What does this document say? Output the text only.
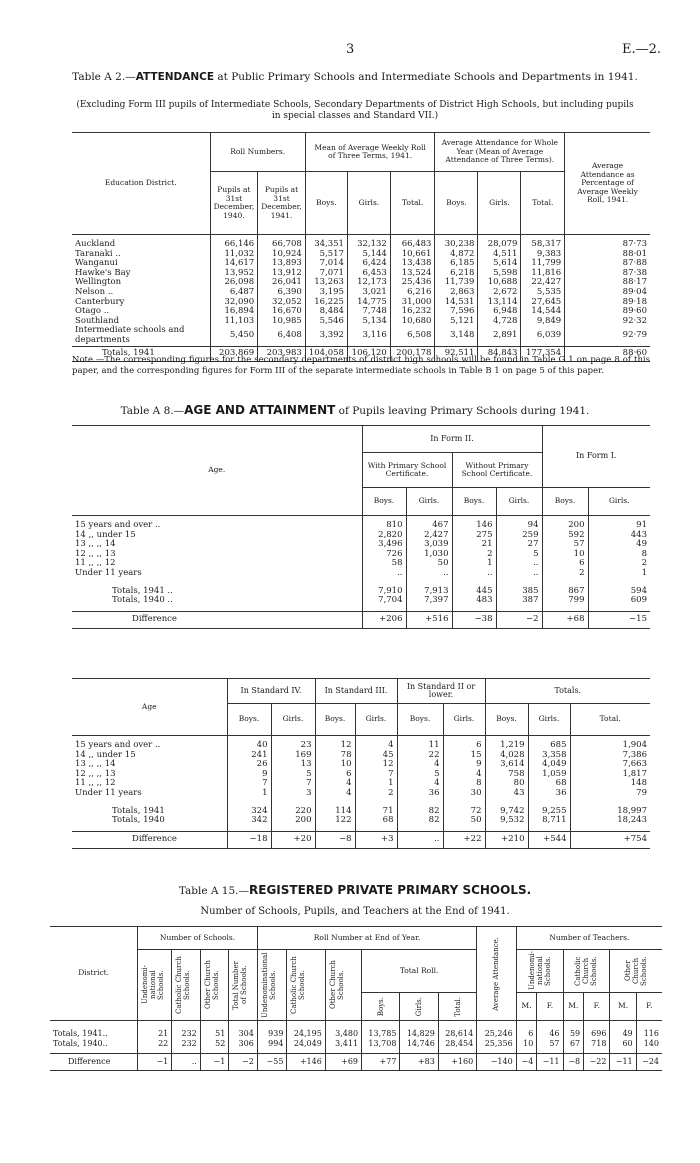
3	E.—2.
Table A 2.—ATTENDANCE at Public Primary Schools and Intermediate Schools and Departments in 1941.
(Excluding Form III pupils of Intermediate Schools, Secondary Departments of District High Schools, but including pupils in special classes and Standard VII.)
Education District.	Roll Numbers.		Mean of Average Weekly Roll of Three Terms, 1941.			Average Attendance for Whole Year (Mean of Average Attendance of Three Terms).			Average Attendance as Percentage of Average Weekly Roll, 1941.
	Pupils at 31st December, 1940.	Pupils at 31st December, 1941.	Boys.	Girls.	Total.	Boys.	Girls.	Total.	

Auckland	66,146	66,708	34,351	32,132	66,483	30,238	28,079	58,317	87·73
Taranaki ..	11,032	10,924	5,517	5,144	10,661	4,872	4,511	9,383	88·01
Wanganui	14,617	13,893	7,014	6,424	13,438	6,185	5,614	11,799	87·88
Hawke's Bay	13,952	13,912	7,071	6,453	13,524	6,218	5,598	11,816	87·38
Wellington	26,098	26,041	13,263	12,173	25,436	11,739	10,688	22,427	88·17
Nelson ..	6,487	6,390	3,195	3,021	6,216	2,863	2,672	5,535	89·04
Canterbury	32,090	32,052	16,225	14,775	31,000	14,531	13,114	27,645	89·18
Otago ..	16,894	16,670	8,484	7,748	16,232	7,596	6,948	14,544	89·60
Southland	11,103	10,985	5,546	5,134	10,680	5,121	4,728	9,849	92·32
Intermediate schools and departments	5,450	6,408	3,392	3,116	6,508	3,148	2,891	6,039	92·79
Totals, 1941	203,869	203,983	104,058	106,120	200,178	92,511	84,843	177,354	88·60
Note.—The corresponding figures for the secondary departments of district high schools will be found in Table G 1 on page 8 of this paper, and the corresponding figures for Form III of the separate intermediate schools in Table B 1 on page 5 of this paper.
Table A 8.—AGE AND ATTAINMENT of Pupils leaving Primary Schools during 1941.
Age.	In Form II.				In Form I.	
	With Primary School Certificate.		Without Primary School Certificate.			
	Boys.	Girls.	Boys.	Girls.	Boys.	Girls.

15 years and over ..	810	467	146	94	200	91
14 ,, under 15	2,820	2,427	275	259	592	443
13 ,, ,, 14	3,496	3,039	21	27	57	49
12 ,, ,, 13	726	1,030	2	5	10	8
11 ,, ,, 12	58	50	1	..	6	2
Under 11 years	..	..	..	..	2	1

Totals, 1941 ..	7,910	7,913	445	385	867	594
Totals, 1940 ..	7,704	7,397	483	387	799	609

Difference	+206	+516	−38	−2	+68	−15
Age	In Standard IV.		In Standard III.		In Standard II or lower.		Totals.		
	Boys.	Girls.	Boys.	Girls.	Boys.	Girls.	Boys.	Girls.	Total.

15 years and over ..	40	23	12	4	11	6	1,219	685	1,904
14 ,, under 15	241	169	78	45	22	15	4,028	3,358	7,386
13 ,, ,, 14	26	13	10	12	4	9	3,614	4,049	7,663
12 ,, ,, 13	9	5	6	7	5	4	758	1,059	1,817
11 ,, ,, 12	7	7	4	1	4	8	80	68	148
Under 11 years	1	3	4	2	36	30	43	36	79

Totals, 1941	324	220	114	71	82	72	9,742	9,255	18,997
Totals, 1940	342	200	122	68	82	50	9,532	8,711	18,243

Difference	−18	+20	−8	+3	..	+22	+210	+544	+754
Table A 15.—REGISTERED PRIVATE PRIMARY SCHOOLS.
Number of Schools, Pupils, and Teachers at the End of 1941.
District.	Number of Schools.				Roll Number at End of Year.						Average Attendance.	Number of Teachers.					

	Undenomi- national Schools.	Catholic Church Schools.	Other Church Schools.	Total Number of Schools.	Undenominational Schools.	Catholic Church Schools.	Other Church Schools.	Total Roll.				Undenomi- national Schools.		Catholic Church Schools.		Other Church Schools.	

								Boys.	Girls.	Total.		M.	F.	M.	F.	M.	F.

Totals, 1941..	21	232	51	304	939	24,195	3,480	13,785	14,829	28,614	25,246	6	46	59	696	49	116
Totals, 1940..	22	232	52	306	994	24,049	3,411	13,708	14,746	28,454	25,356	10	57	67	718	60	140

Difference	−1	..	−1	−2	−55	+146	+69	+77	+83	+160	−140	−4	−11	−8	−22	−11	−24
